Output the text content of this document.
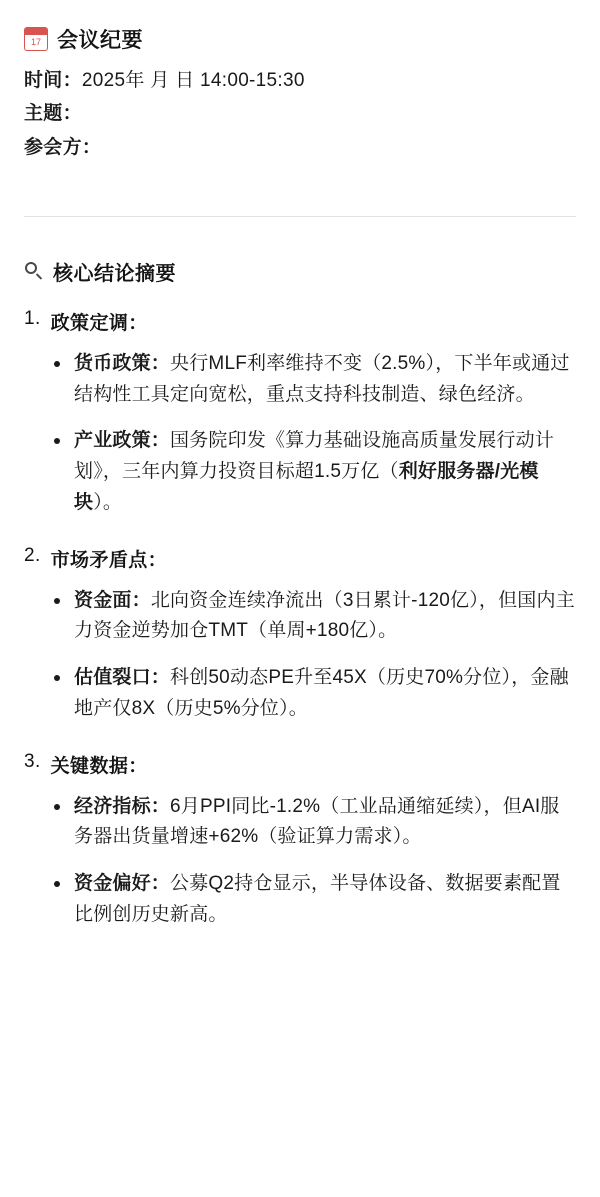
17 会议纪要
时间：2025年 月 日 14:00-15:30
主题：
参会方：
核心结论摘要
1. 政策定调：
货币政策：央行MLF利率维持不变（2.5%），下半年或通过结构性工具定向宽松，重点支持科技制造、绿色经济。
产业政策：国务院印发《算力基础设施高质量发展行动计划》，三年内算力投资目标超1.5万亿（利好服务器/光模块）。
2. 市场矛盾点：
资金面：北向资金连续净流出（3日累计-120亿），但国内主力资金逆势加仓TMT（单周+180亿）。
估值裂口：科创50动态PE升至45X（历史70%分位），金融地产仅8X（历史5%分位）。
3. 关键数据：
经济指标：6月PPI同比-1.2%（工业品通缩延续），但AI服务器出货量增速+62%（验证算力需求）。
资金偏好：公募Q2持仓显示，半导体设备、数据要素配置比例创历史新高。
